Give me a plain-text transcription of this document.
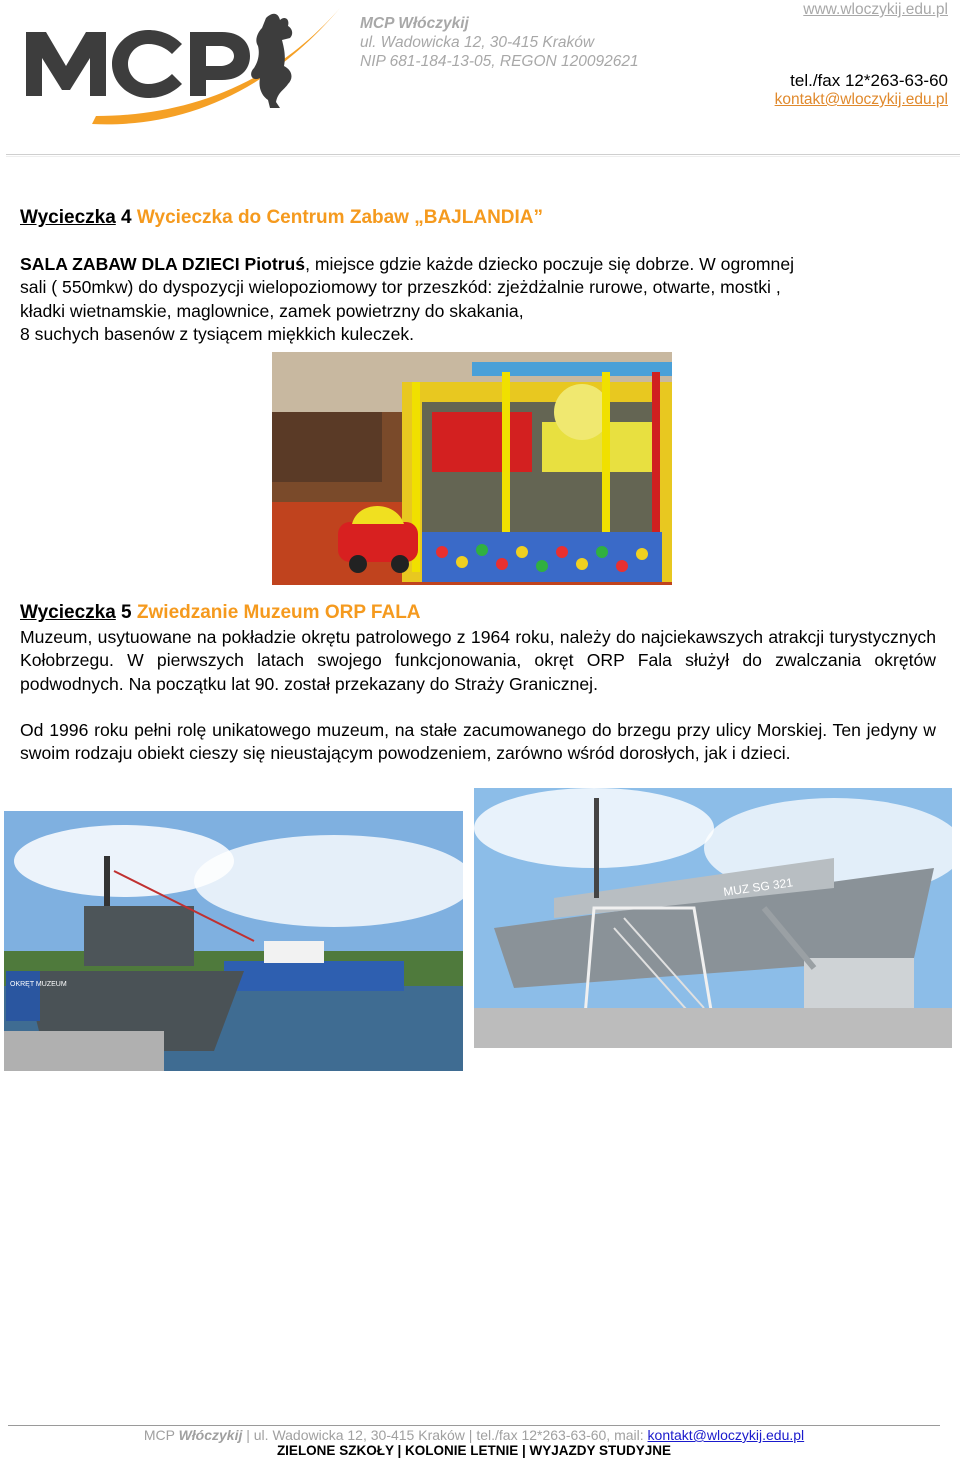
MCP Włóczykij
ul. Wadowicka 12, 30-415 Kraków
NIP 681-184-13-05, REGON 120092621
www.wloczykij.edu.pl
tel./fax 12*263-63-60
kontakt@wloczykij.edu.pl
Wycieczka 4 Wycieczka do Centrum Zabaw „BAJLANDIA”

SALA ZABAW DLA DZIECI Piotruś, miejsce gdzie każde dziecko poczuje się dobrze. W ogromnej

sali ( 550mkw) do dyspozycji wielopoziomowy tor przeszkód: zjeżdżalnie rurowe, otwarte, mostki ,

kładki wietnamskie, maglownice, zamek powietrzny do skakania,

8 suchych basenów z tysiącem miękkich kuleczek.

Wycieczka 5 Zwiedzanie Muzeum ORP FALA
Muzeum, usytuowane na pokładzie okrętu patrolowego z 1964 roku, należy do najciekawszych atrakcji turystycznych Kołobrzegu. W pierwszych latach swojego funkcjonowania, okręt ORP Fala służył do zwalczania okrętów podwodnych. Na początku lat 90. został przekazany do Straży Granicznej.
Od 1996 roku pełni rolę unikatowego muzeum, na stałe zacumowanego do brzegu przy ulicy Morskiej. Ten jedyny w swoim rodzaju obiekt cieszy się nieustającym powodzeniem, zarówno wśród dorosłych, jak i dzieci.
OKRĘT MUZEUM
MUZ SG 321
MCP Włóczykij | ul. Wadowicka 12, 30-415 Kraków | tel./fax 12*263-63-60, mail: kontakt@wloczykij.edu.pl
ZIELONE SZKOŁY | KOLONIE LETNIE | WYJAZDY STUDYJNE
